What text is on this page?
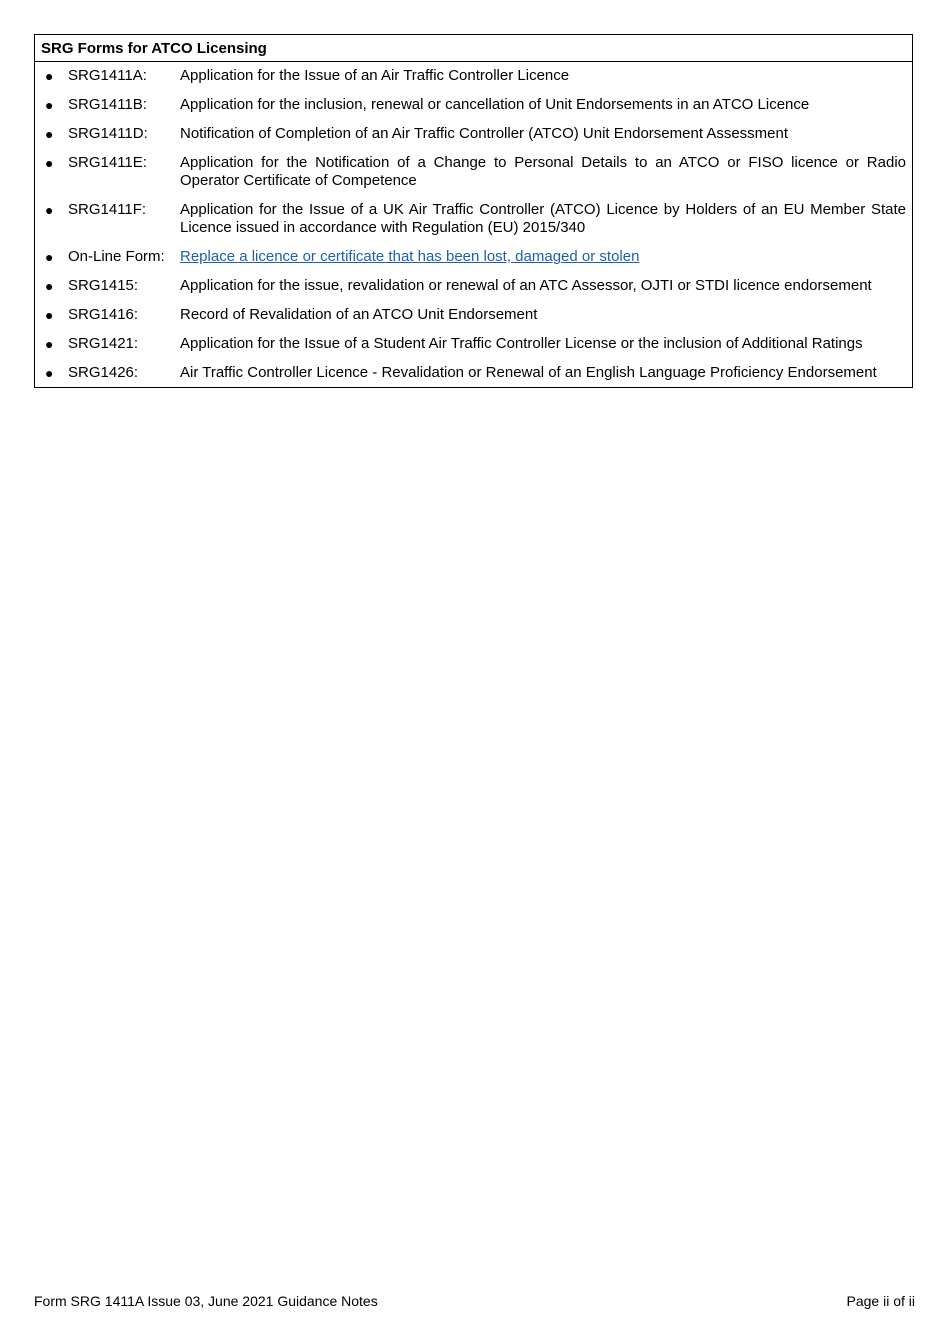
SRG Forms for ATCO Licensing
● SRG1411A:	Application for the Issue of an Air Traffic Controller Licence
● SRG1411B:	Application for the inclusion, renewal or cancellation of Unit Endorsements in an ATCO Licence
● SRG1411D:	Notification of Completion of an Air Traffic Controller (ATCO) Unit Endorsement Assessment
● SRG1411E:	Application for the Notification of a Change to Personal Details to an ATCO or FISO licence or Radio Operator Certificate of Competence
● SRG1411F:	Application for the Issue of a UK Air Traffic Controller (ATCO) Licence by Holders of an EU Member State Licence issued in accordance with Regulation (EU) 2015/340
● On-Line Form:	Replace a licence or certificate that has been lost, damaged or stolen
● SRG1415:	Application for the issue, revalidation or renewal of an ATC Assessor, OJTI or STDI licence endorsement
● SRG1416:	Record of Revalidation of an ATCO Unit Endorsement
● SRG1421:	Application for the Issue of a Student Air Traffic Controller License or the inclusion of Additional Ratings
● SRG1426:	Air Traffic Controller Licence - Revalidation or Renewal of an English Language Proficiency Endorsement
Form SRG 1411A Issue 03, June 2021 Guidance Notes	Page ii of ii
